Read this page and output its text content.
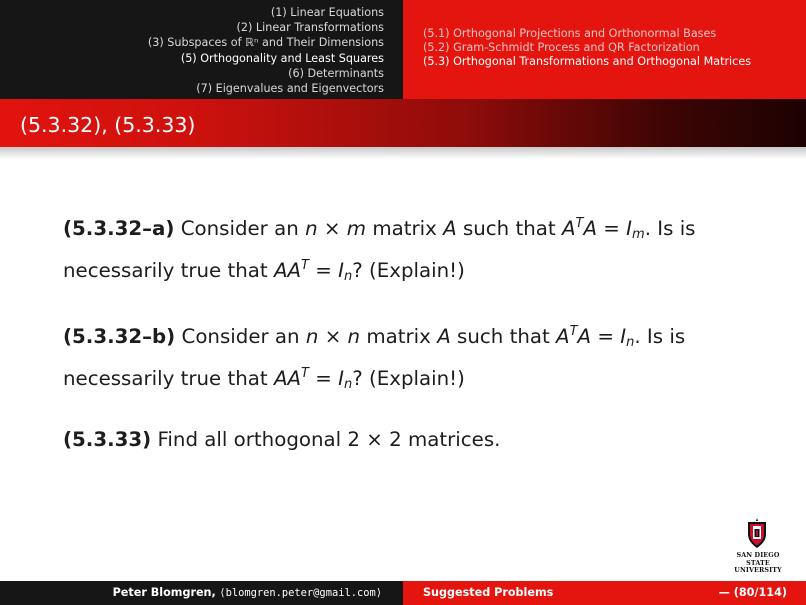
(1) Linear Equations
(2) Linear Transformations
(3) Subspaces of ℝⁿ and Their Dimensions
(5) Orthogonality and Least Squares
(6) Determinants
(7) Eigenvalues and Eigenvectors
(5.1) Orthogonal Projections and Orthonormal Bases
(5.2) Gram-Schmidt Process and QR Factorization
(5.3) Orthogonal Transformations and Orthogonal Matrices
(5.3.32), (5.3.33)
(5.3.32–a) Consider an n × m matrix A such that $A^TA = Im$. Is is necessarily true that $AA^T = In$? (Explain!)
(5.3.32–b) Consider an n × n matrix A such that $A^TA = In$. Is is necessarily true that $AA^T = In$? (Explain!)
(5.3.33) Find all orthogonal 2 × 2 matrices.
SAN DIEGO STATE
UNIVERSITY
Peter Blomgren, ⟨blomgren.peter@gmail.com⟩	Suggested Problems	— (80/114)
